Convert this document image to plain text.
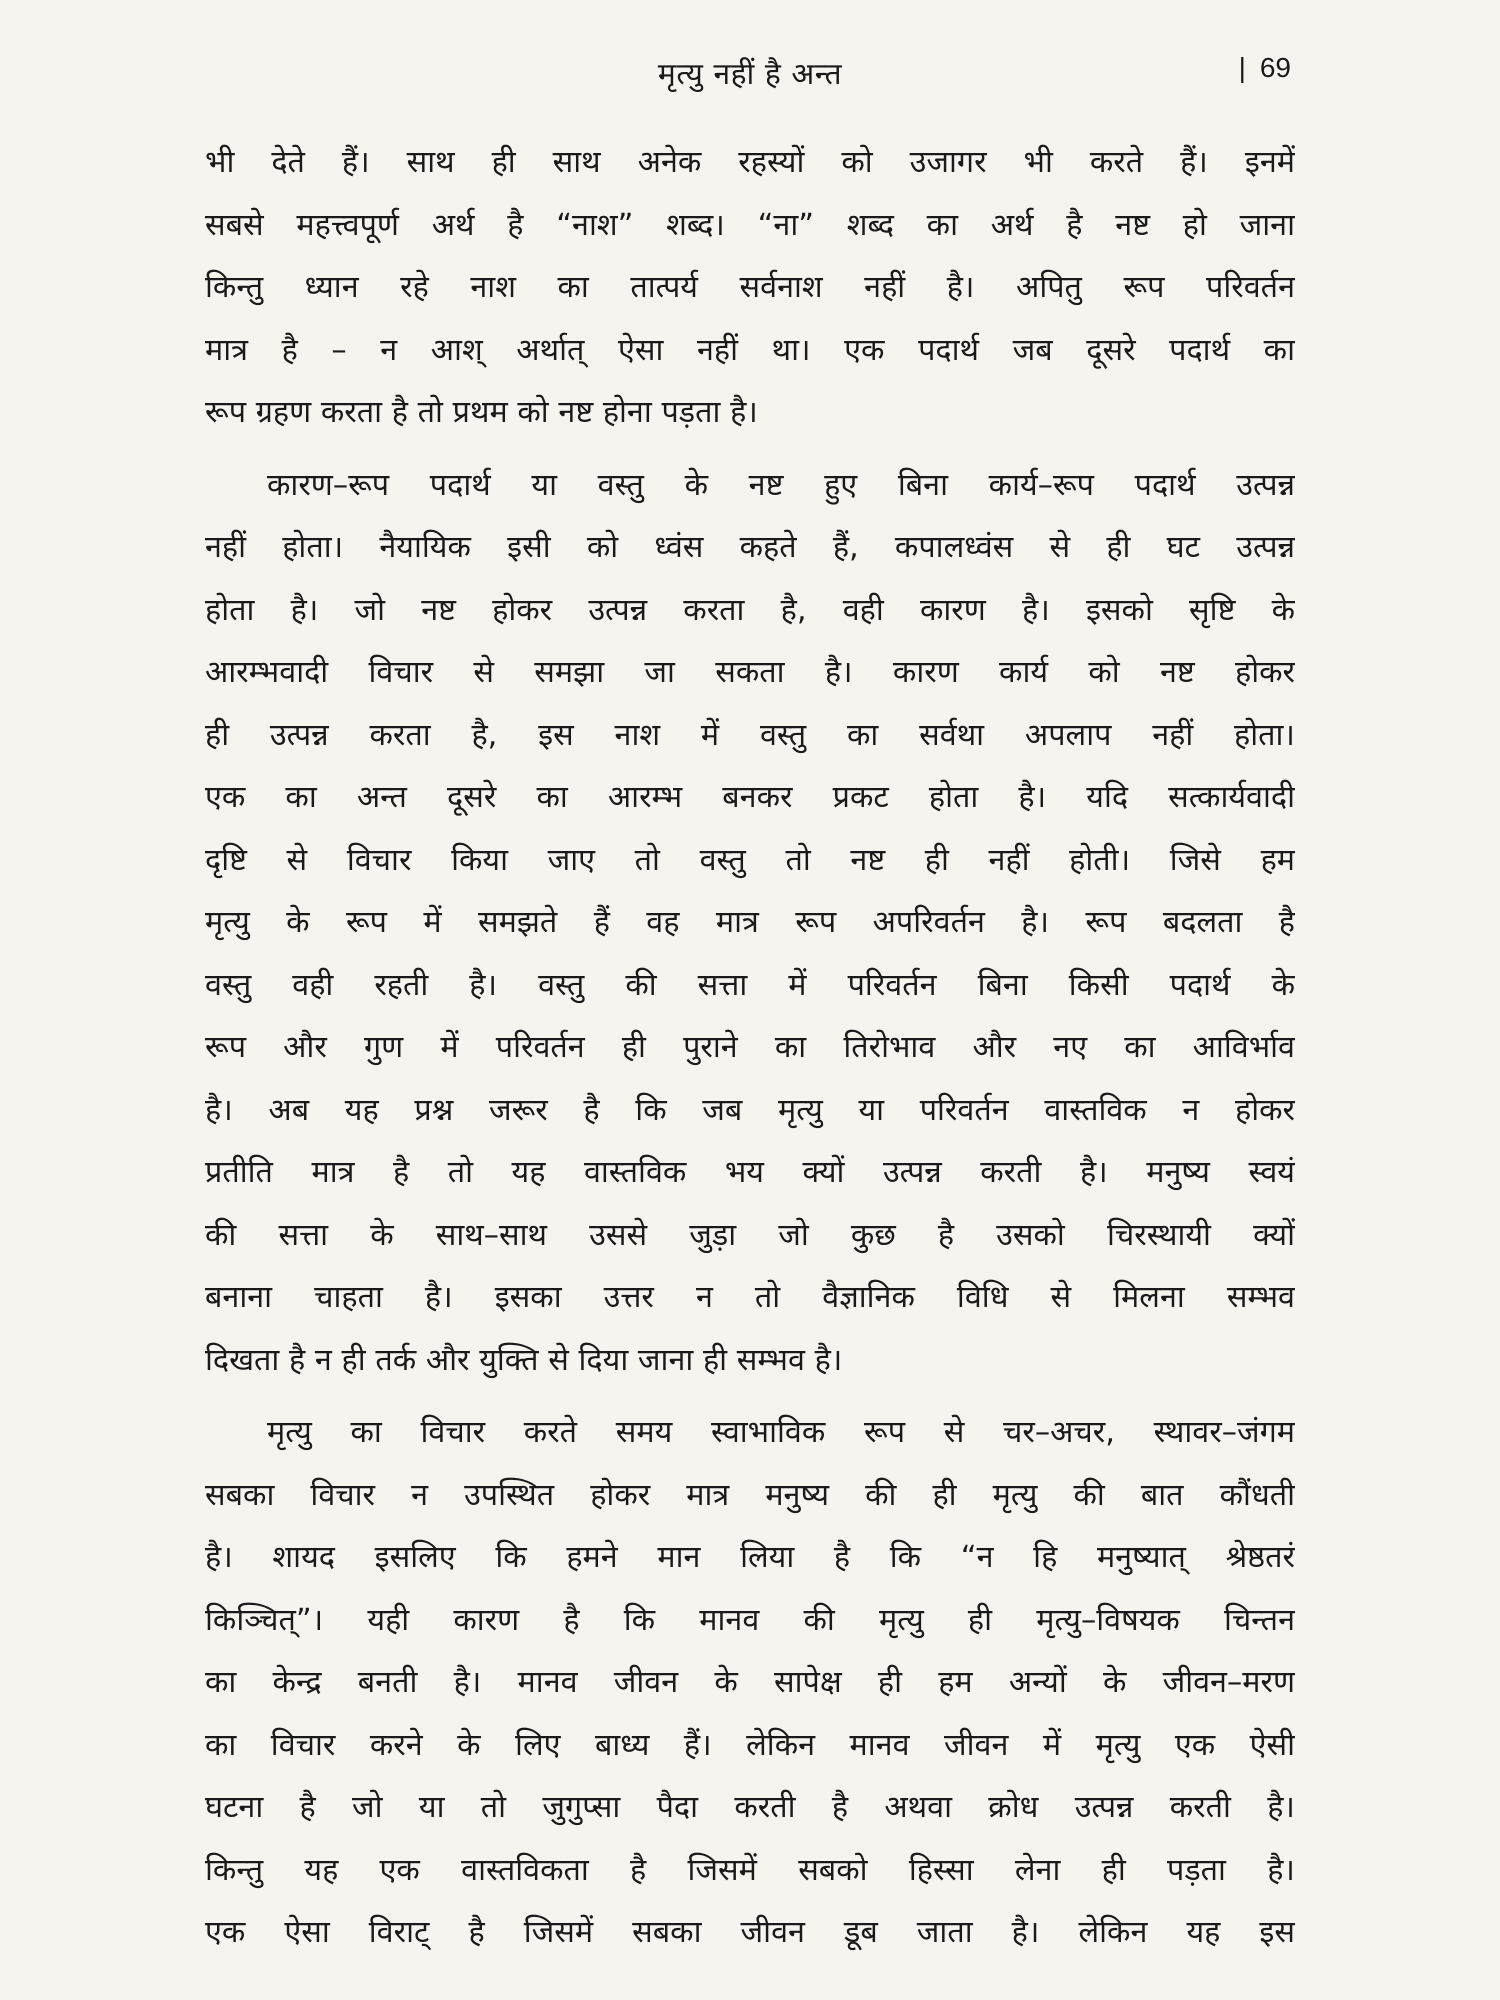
मृत्यु नहीं है अन्त	| 69
भी देते हैं। साथ ही साथ अनेक रहस्यों को उजागर भी करते हैं। इनमें
सबसे महत्त्वपूर्ण अर्थ है “नाश” शब्द। “ना” शब्द का अर्थ है नष्ट हो जाना
किन्तु ध्यान रहे नाश का तात्पर्य सर्वनाश नहीं है। अपितु रूप परिवर्तन
मात्र है – न आश् अर्थात् ऐसा नहीं था। एक पदार्थ जब दूसरे पदार्थ का
रूप ग्रहण करता है तो प्रथम को नष्ट होना पड़ता है।
कारण–रूप पदार्थ या वस्तु के नष्ट हुए बिना कार्य–रूप पदार्थ उत्पन्न
नहीं होता। नैयायिक इसी को ध्वंस कहते हैं, कपालध्वंस से ही घट उत्पन्न
होता है। जो नष्ट होकर उत्पन्न करता है, वही कारण है। इसको सृष्टि के
आरम्भवादी विचार से समझा जा सकता है। कारण कार्य को नष्ट होकर
ही उत्पन्न करता है, इस नाश में वस्तु का सर्वथा अपलाप नहीं होता।
एक का अन्त दूसरे का आरम्भ बनकर प्रकट होता है। यदि सत्कार्यवादी
दृष्टि से विचार किया जाए तो वस्तु तो नष्ट ही नहीं होती। जिसे हम
मृत्यु के रूप में समझते हैं वह मात्र रूप अपरिवर्तन है। रूप बदलता है
वस्तु वही रहती है। वस्तु की सत्ता में परिवर्तन बिना किसी पदार्थ के
रूप और गुण में परिवर्तन ही पुराने का तिरोभाव और नए का आविर्भाव
है। अब यह प्रश्न जरूर है कि जब मृत्यु या परिवर्तन वास्तविक न होकर
प्रतीति मात्र है तो यह वास्तविक भय क्यों उत्पन्न करती है। मनुष्य स्वयं
की सत्ता के साथ–साथ उससे जुड़ा जो कुछ है उसको चिरस्थायी क्यों
बनाना चाहता है। इसका उत्तर न तो वैज्ञानिक विधि से मिलना सम्भव
दिखता है न ही तर्क और युक्ति से दिया जाना ही सम्भव है।
मृत्यु का विचार करते समय स्वाभाविक रूप से चर–अचर, स्थावर–जंगम
सबका विचार न उपस्थित होकर मात्र मनुष्य की ही मृत्यु की बात कौंधती
है। शायद इसलिए कि हमने मान लिया है कि “न हि मनुष्यात् श्रेष्ठतरं
किञ्चित्”। यही कारण है कि मानव की मृत्यु ही मृत्यु–विषयक चिन्तन
का केन्द्र बनती है। मानव जीवन के सापेक्ष ही हम अन्यों के जीवन–मरण
का विचार करने के लिए बाध्य हैं। लेकिन मानव जीवन में मृत्यु एक ऐसी
घटना है जो या तो जुगुप्सा पैदा करती है अथवा क्रोध उत्पन्न करती है।
किन्तु यह एक वास्तविकता है जिसमें सबको हिस्सा लेना ही पड़ता है।
एक ऐसा विराट् है जिसमें सबका जीवन डूब जाता है। लेकिन यह इस
